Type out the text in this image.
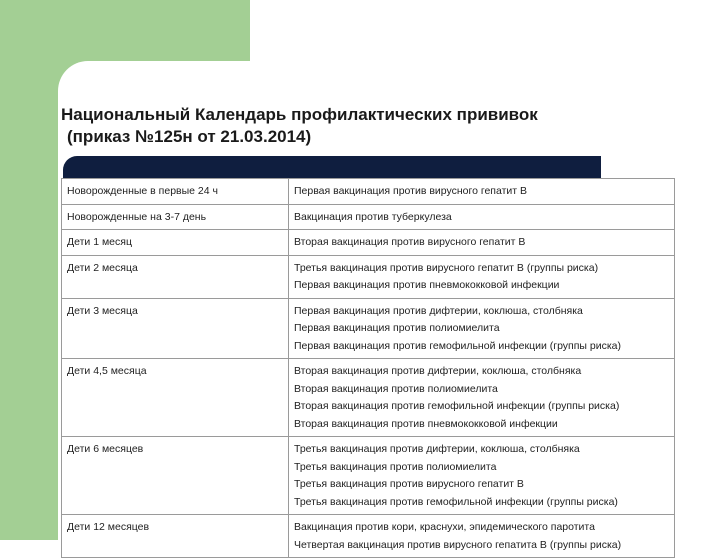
Национальный Календарь профилактических прививок
(приказ №125н от 21.03.2014)
Новорожденные в первые 24 ч	Первая вакцинация против вирусного гепатит В

Новорожденные на 3-7 день	Вакцинация против туберкулеза

Дети 1 месяц	Вторая вакцинация против вирусного гепатит В

Дети 2 месяца	Третья вакцинация против вирусного гепатит В (группы риска)
Первая вакцинация против пневмококковой инфекции

Дети 3 месяца	Первая вакцинация против дифтерии, коклюша, столбняка
Первая вакцинация против полиомиелита
Первая вакцинация против гемофильной инфекции (группы риска)

Дети 4,5 месяца	Вторая вакцинация против дифтерии, коклюша, столбняка
Вторая вакцинация против полиомиелита
Вторая вакцинация против гемофильной инфекции (группы риска)
Вторая вакцинация против пневмококковой инфекции

Дети 6 месяцев	Третья вакцинация против дифтерии, коклюша, столбняка
Третья вакцинация против полиомиелита
Третья вакцинация против вирусного гепатит В
Третья вакцинация против гемофильной инфекции (группы риска)

Дети 12 месяцев	Вакцинация против кори, краснухи, эпидемического паротита
Четвертая вакцинация против вирусного гепатита В (группы риска)
